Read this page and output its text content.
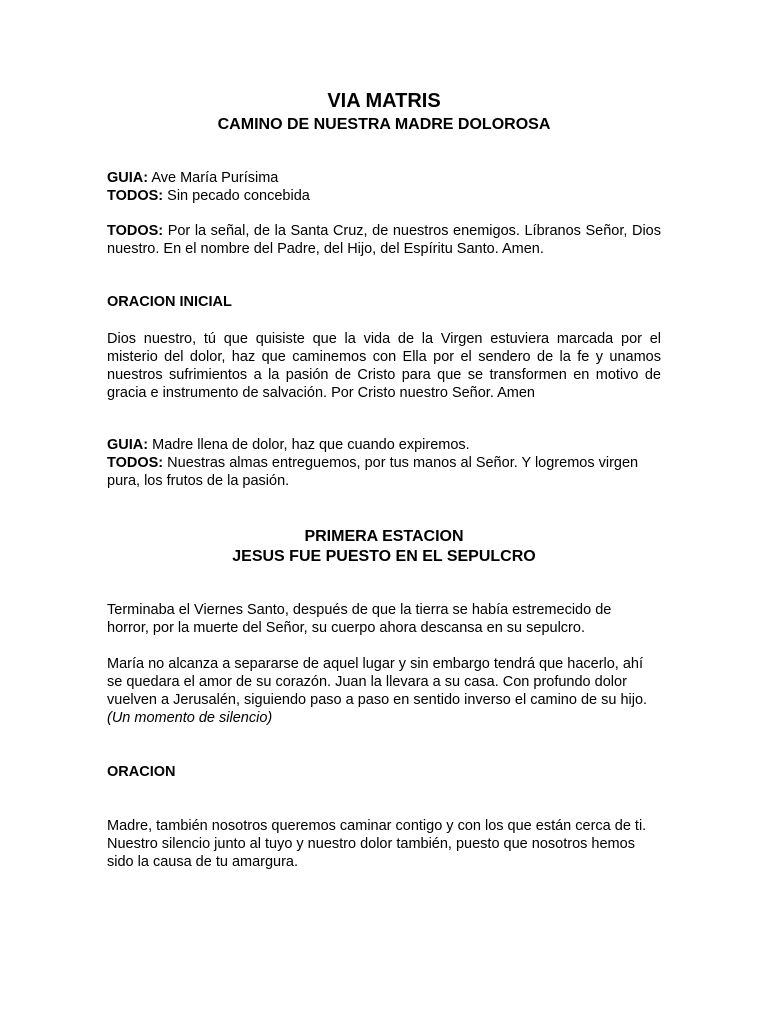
VIA MATRIS
CAMINO DE NUESTRA MADRE DOLOROSA

GUIA: Ave María Purísima

TODOS: Sin pecado concebida

TODOS: Por la señal, de la Santa Cruz, de nuestros enemigos. Líbranos Señor, Dios nuestro. En el nombre del Padre, del Hijo, del Espíritu Santo. Amen.

ORACION INICIAL

Dios nuestro, tú que quisiste que la vida de la Virgen estuviera marcada por el misterio del dolor, haz que caminemos con Ella por el sendero de la fe y unamos nuestros sufrimientos a la pasión de Cristo para que se transformen en motivo de gracia e instrumento de salvación. Por Cristo nuestro Señor. Amen

GUIA: Madre llena de dolor, haz que cuando expiremos.

TODOS: Nuestras almas entreguemos, por tus manos al Señor. Y logremos virgen pura, los frutos de la pasión.

PRIMERA ESTACION
JESUS FUE PUESTO EN EL SEPULCRO

Terminaba el Viernes Santo, después de que la tierra se había estremecido de horror, por la muerte del Señor, su cuerpo ahora descansa en su sepulcro.

María no alcanza a separarse de aquel lugar y sin embargo tendrá que hacerlo, ahí se quedara el amor de su corazón. Juan la llevara a su casa. Con profundo dolor vuelven a Jerusalén, siguiendo paso a paso en sentido inverso el camino de su hijo. (Un momento de silencio)

ORACION

Madre, también nosotros queremos caminar contigo y con los que están cerca de ti. Nuestro silencio junto al tuyo y nuestro dolor también, puesto que nosotros hemos sido la causa de tu amargura.
